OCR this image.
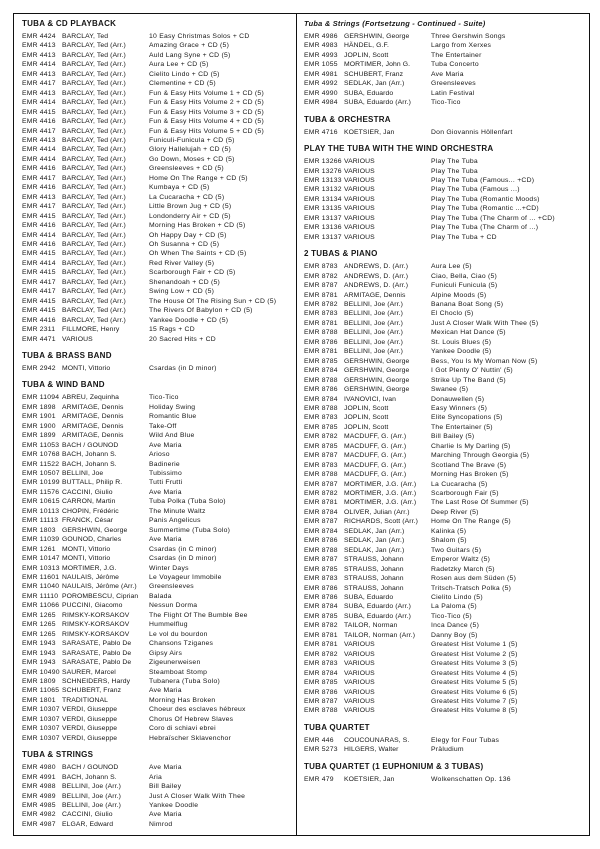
TUBA & CD PLAYBACK
EMR 4424 BARCLAY, Ted	10 Easy Christmas Solos + CD
EMR 4413 BARCLAY, Ted (Arr.)	Amazing Grace + CD (5)
EMR 4413 BARCLAY, Ted (Arr.)	Auld Lang Syne + CD (5)
EMR 4414 BARCLAY, Ted (Arr.)	Aura Lee + CD (5)
EMR 4413 BARCLAY, Ted (Arr.)	Cielito Lindo + CD (5)
EMR 4417 BARCLAY, Ted (Arr.)	Clementine + CD (5)
EMR 4413 BARCLAY, Ted (Arr.)	Fun & Easy Hits Volume 1 + CD (5)
EMR 4414 BARCLAY, Ted (Arr.)	Fun & Easy Hits Volume 2 + CD (5)
EMR 4415 BARCLAY, Ted (Arr.)	Fun & Easy Hits Volume 3 + CD (5)
EMR 4416 BARCLAY, Ted (Arr.)	Fun & Easy Hits Volume 4 + CD (5)
EMR 4417 BARCLAY, Ted (Arr.)	Fun & Easy Hits Volume 5 + CD (5)
EMR 4413 BARCLAY, Ted (Arr.)	Funiculi-Funicula + CD (5)
EMR 4414 BARCLAY, Ted (Arr.)	Glory Hallelujah + CD (5)
EMR 4414 BARCLAY, Ted (Arr.)	Go Down, Moses + CD (5)
EMR 4416 BARCLAY, Ted (Arr.)	Greensleeves + CD (5)
EMR 4417 BARCLAY, Ted (Arr.)	Home On The Range + CD (5)
EMR 4416 BARCLAY, Ted (Arr.)	Kumbaya + CD (5)
EMR 4413 BARCLAY, Ted (Arr.)	La Cucaracha + CD (5)
EMR 4417 BARCLAY, Ted (Arr.)	Little Brown Jug + CD (5)
EMR 4415 BARCLAY, Ted (Arr.)	Londonderry Air + CD (5)
EMR 4416 BARCLAY, Ted (Arr.)	Morning Has Broken + CD (5)
EMR 4414 BARCLAY, Ted (Arr.)	Oh Happy Day + CD (5)
EMR 4416 BARCLAY, Ted (Arr.)	Oh Susanna + CD (5)
EMR 4415 BARCLAY, Ted (Arr.)	Oh When The Saints + CD (5)
EMR 4414 BARCLAY, Ted (Arr.)	Red River Valley (5)
EMR 4415 BARCLAY, Ted (Arr.)	Scarborough Fair + CD (5)
EMR 4417 BARCLAY, Ted (Arr.)	Shenandoah + CD (5)
EMR 4417 BARCLAY, Ted (Arr.)	Swing Low + CD (5)
EMR 4415 BARCLAY, Ted (Arr.)	The House Of The Rising Sun + CD (5)
EMR 4415 BARCLAY, Ted (Arr.)	The Rivers Of Babylon + CD (5)
EMR 4416 BARCLAY, Ted (Arr.)	Yankee Doodle + CD (5)
EMR 2311 FILLMORE, Henry	15 Rags + CD
EMR 4471 VARIOUS	20 Sacred Hits + CD
TUBA & BRASS BAND
EMR 2942 MONTI, Vittorio	Csardas (in D minor)
TUBA & WIND BAND
EMR 11094 ABREU, Zequinha	Tico-Tico
EMR 1898 ARMITAGE, Dennis	Holiday Swing
EMR 1901 ARMITAGE, Dennis	Romantic Blue
EMR 1900 ARMITAGE, Dennis	Take-Off
EMR 1899 ARMITAGE, Dennis	Wild And Blue
EMR 11053 BACH / GOUNOD	Ave Maria
EMR 10768 BACH, Johann S.	Arioso
EMR 11522 BACH, Johann S.	Badinerie
EMR 10507 BELLINI, Joe	Tubissimo
EMR 10199 BUTTALL, Philip R.	Tutti Frutti
EMR 11576 CACCINI, Giulio	Ave Maria
EMR 10615 CARRON, Martin	Tuba Polka (Tuba Solo)
EMR 10113 CHOPIN, Frédéric	The Minute Waltz
EMR 11113 FRANCK, César	Panis Angelicus
EMR 1803 GERSHWIN, George	Summertime (Tuba Solo)
EMR 11039 GOUNOD, Charles	Ave Maria
EMR 1261 MONTI, Vittorio	Csardas (in C minor)
EMR 10147 MONTI, Vittorio	Csardas (in D minor)
EMR 10313 MORTIMER, J.G.	Winter Days
EMR 11601 NAULAIS, Jérôme	Le Voyageur Immobile
EMR 11040 NAULAIS, Jérôme (Arr.)	Greensleeves
EMR 11110 POROMBESCU, Ciprian	Balada
EMR 11066 PUCCINI, Giacomo	Nessun Dorma
EMR 1265 RIMSKY-KORSAKOV	The Flight Of The Bumble Bee
EMR 1265 RIMSKY-KORSAKOV	Hummelflug
EMR 1265 RIMSKY-KORSAKOV	Le vol du bourdon
EMR 1943 SARASATE, Pablo De	Chansons Tziganes
EMR 1943 SARASATE, Pablo De	Gipsy Airs
EMR 1943 SARASATE, Pablo De	Zigeunerweisen
EMR 10490 SAURER, Marcel	Steamboat Stomp
EMR 1809 SCHNEIDERS, Hardy	Tubanera (Tuba Solo)
EMR 11065 SCHUBERT, Franz	Ave Maria
EMR 1801 TRADITIONAL	Morning Has Broken
EMR 10307 VERDI, Giuseppe	Choeur des esclaves hébreux
EMR 10307 VERDI, Giuseppe	Chorus Of Hebrew Slaves
EMR 10307 VERDI, Giuseppe	Coro di schiavi ebrei
EMR 10307 VERDI, Giuseppe	Hebraïscher Sklavenchor
TUBA & STRINGS
EMR 4980 BACH / GOUNOD	Ave Maria
EMR 4991 BACH, Johann S.	Aria
EMR 4988 BELLINI, Joe (Arr.)	Bill Bailey
EMR 4989 BELLINI, Joe (Arr.)	Just A Closer Walk With Thee
EMR 4985 BELLINI, Joe (Arr.)	Yankee Doodle
EMR 4982 CACCINI, Giulio	Ave Maria
EMR 4987 ELGAR, Edward	Nimrod
Tuba & Strings (Fortsetzung - Continued - Suite)
EMR 4986 GERSHWIN, George	Three Gershwin Songs
EMR 4983 HÄNDEL, G.F.	Largo from Xerxes
EMR 4993 JOPLIN, Scott	The Entertainer
EMR 1055 MORTIMER, John G.	Tuba Concerto
EMR 4981 SCHUBERT, Franz	Ave Maria
EMR 4992 SEDLAK, Jan (Arr.)	Greensleeves
EMR 4990 SUBA, Eduardo	Latin Festival
EMR 4984 SUBA, Eduardo (Arr.)	Tico-Tico
TUBA & ORCHESTRA
EMR 4716 KOETSIER, Jan	Don Giovannis Höllenfart
PLAY THE TUBA WITH THE WIND ORCHESTRA
EMR 13266 VARIOUS	Play The Tuba
EMR 13276 VARIOUS	Play The Tuba
EMR 13133 VARIOUS	Play The Tuba (Famous... +CD)
EMR 13132 VARIOUS	Play The Tuba (Famous ...)
EMR 13134 VARIOUS	Play The Tuba (Romantic Moods)
EMR 13135 VARIOUS	Play The Tuba (Romantic ...+CD)
EMR 13137 VARIOUS	Play The Tuba (The Charm of ... +CD)
EMR 13136 VARIOUS	Play The Tuba (The Charm of ...)
EMR 13137 VARIOUS	Play The Tuba + CD
2 TUBAS & PIANO
EMR 8783 ANDREWS, D. (Arr.)	Aura Lee (5)
EMR 8782 ANDREWS, D. (Arr.)	Ciao, Bella, Ciao (5)
EMR 8787 ANDREWS, D. (Arr.)	Funiculi Funicula (5)
EMR 8781 ARMITAGE, Dennis	Alpine Moods (5)
EMR 8782 BELLINI, Joe (Arr.)	Banana Boat Song (5)
EMR 8783 BELLINI, Joe (Arr.)	El Choclo (5)
EMR 8781 BELLINI, Joe (Arr.)	Just A Closer Walk With Thee (5)
EMR 8788 BELLINI, Joe (Arr.)	Mexican Hat Dance (5)
EMR 8786 BELLINI, Joe (Arr.)	St. Louis Blues (5)
EMR 8781 BELLINI, Joe (Arr.)	Yankee Doodle (5)
EMR 8785 GERSHWIN, George	Bess, You Is My Woman Now (5)
EMR 8784 GERSHWIN, George	I Got Plenty O' Nuttin' (5)
EMR 8788 GERSHWIN, George	Strike Up The Band (5)
EMR 8786 GERSHWIN, George	Swanee (5)
EMR 8784 IVANOVICI, Ivan	Donauwellen (5)
EMR 8788 JOPLIN, Scott	Easy Winners (5)
EMR 8783 JOPLIN, Scott	Elite Syncopations (5)
EMR 8785 JOPLIN, Scott	The Entertainer (5)
EMR 8782 MACDUFF, G. (Arr.)	Bill Bailey (5)
EMR 8785 MACDUFF, G. (Arr.)	Charlie Is My Darling (5)
EMR 8787 MACDUFF, G. (Arr.)	Marching Through Georgia (5)
EMR 8783 MACDUFF, G. (Arr.)	Scotland The Brave (5)
EMR 8788 MACDUFF, G. (Arr.)	Morning Has Broken (5)
EMR 8787 MORTIMER, J.G. (Arr.)	La Cucaracha (5)
EMR 8782 MORTIMER, J.G. (Arr.)	Scarborough Fair (5)
EMR 8781 MORTIMER, J.G. (Arr.)	The Last Rose Of Summer (5)
EMR 8784 OLIVER, Julian (Arr.)	Deep River (5)
EMR 8787 RICHARDS, Scott (Arr.)	Home On The Range (5)
EMR 8784 SEDLAK, Jan (Arr.)	Kalinka (5)
EMR 8786 SEDLAK, Jan (Arr.)	Shalom (5)
EMR 8788 SEDLAK, Jan (Arr.)	Two Guitars (5)
EMR 8787 STRAUSS, Johann	Emperor Waltz (5)
EMR 8785 STRAUSS, Johann	Radetzky March (5)
EMR 8783 STRAUSS, Johann	Rosen aus dem Süden (5)
EMR 8786 STRAUSS, Johann	Tritsch-Tratsch Polka (5)
EMR 8786 SUBA, Eduardo	Cielito Lindo (5)
EMR 8784 SUBA, Eduardo (Arr.)	La Paloma (5)
EMR 8785 SUBA, Eduardo (Arr.)	Tico-Tico (5)
EMR 8782 TAILOR, Norman	Inca Dance (5)
EMR 8781 TAILOR, Norman (Arr.)	Danny Boy (5)
EMR 8781 VARIOUS	Greatest Hist Volume 1 (5)
EMR 8782 VARIOUS	Greatest Hist Volume 2 (5)
EMR 8783 VARIOUS	Greatest Hits Volume 3 (5)
EMR 8784 VARIOUS	Greatest Hits Volume 4 (5)
EMR 8785 VARIOUS	Greatest Hits Volume 5 (5)
EMR 8786 VARIOUS	Greatest Hits Volume 6 (5)
EMR 8787 VARIOUS	Greatest Hits Volume 7 (5)
EMR 8788 VARIOUS	Greatest Hits Volume 8 (5)
TUBA QUARTET
EMR 446	COUCOUNARAS, S.	Elegy for Four Tubas
EMR 5273 HILGERS, Walter	Präludium
TUBA QUARTET (1 EUPHONIUM & 3 TUBAS)
EMR 479	KOETSIER, Jan	Wolkenschatten Op. 136
